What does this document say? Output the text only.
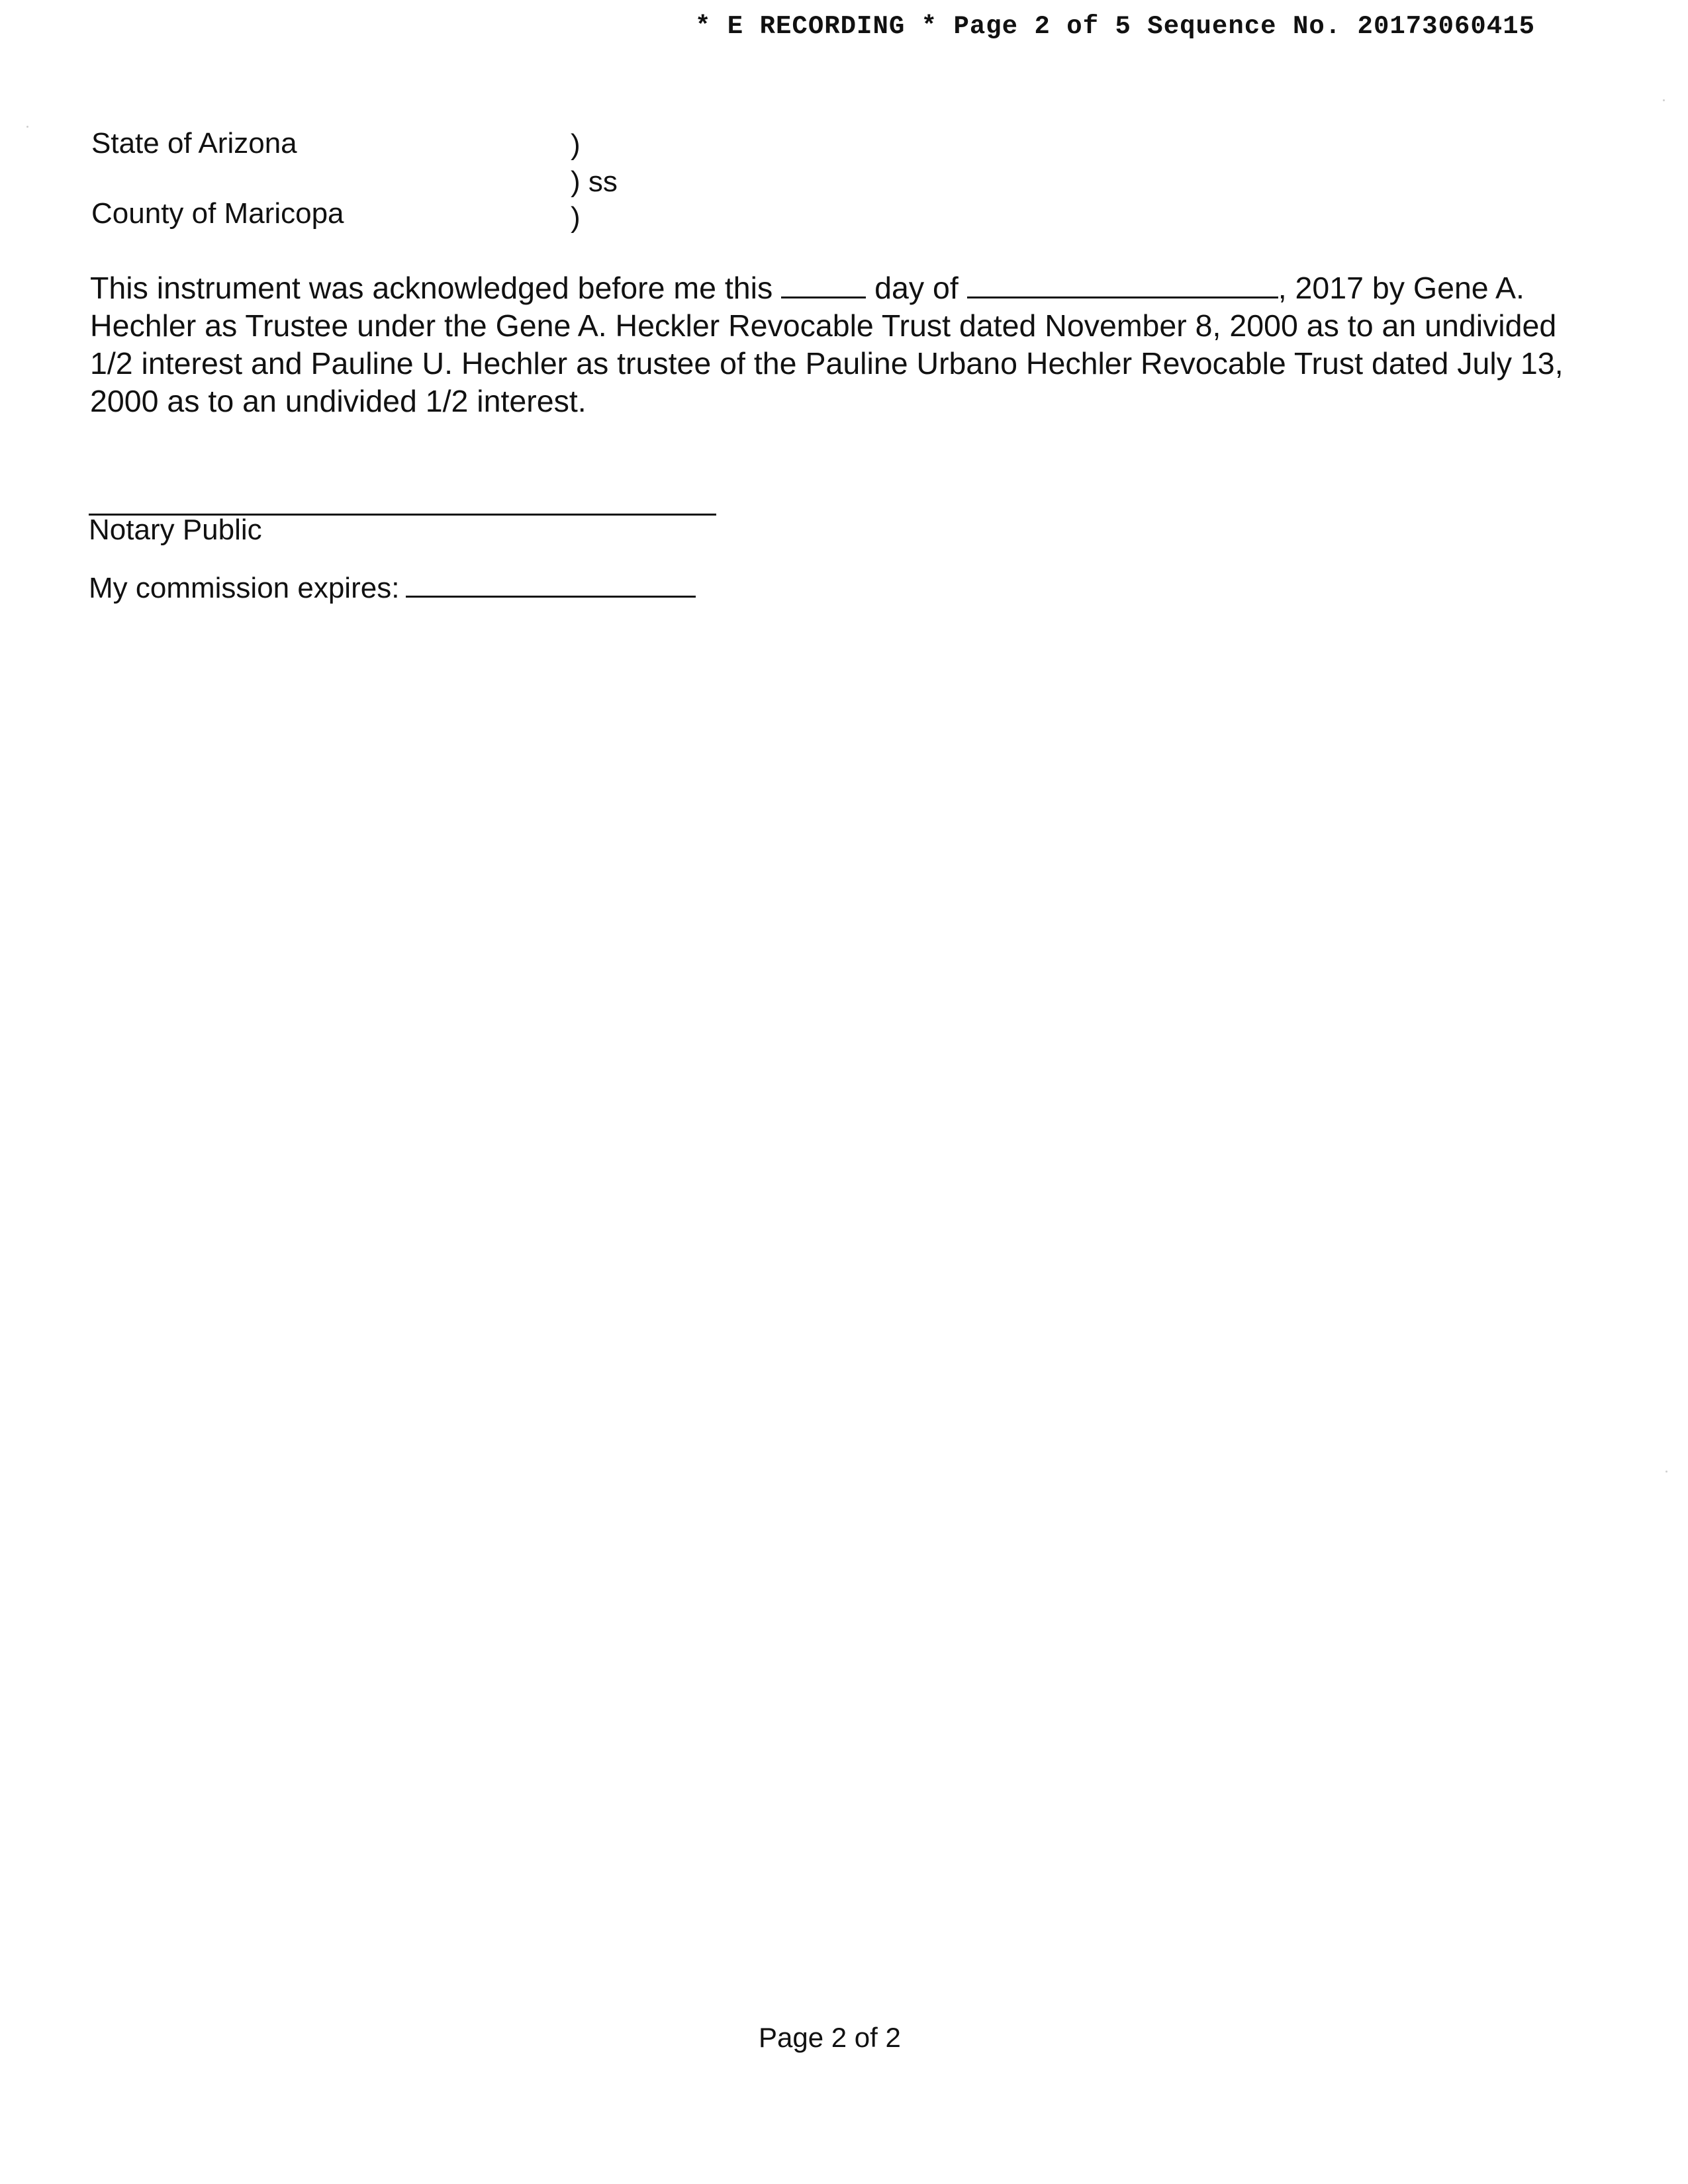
* E RECORDING * Page 2 of 5 Sequence No. 20173060415
State of Arizona
County of Maricopa
)
) ss
)

This instrument was acknowledged before me this	day of	, 2017 by Gene A. Hechler as Trustee under the Gene A. Heckler Revocable Trust dated November 8, 2000 as to an undivided 1/2 interest and Pauline U. Hechler as trustee of the Pauline Urbano Hechler Revocable Trust dated July 13, 2000 as to an undivided 1/2 interest.

Notary Public
My commission expires:
Page 2 of 2
